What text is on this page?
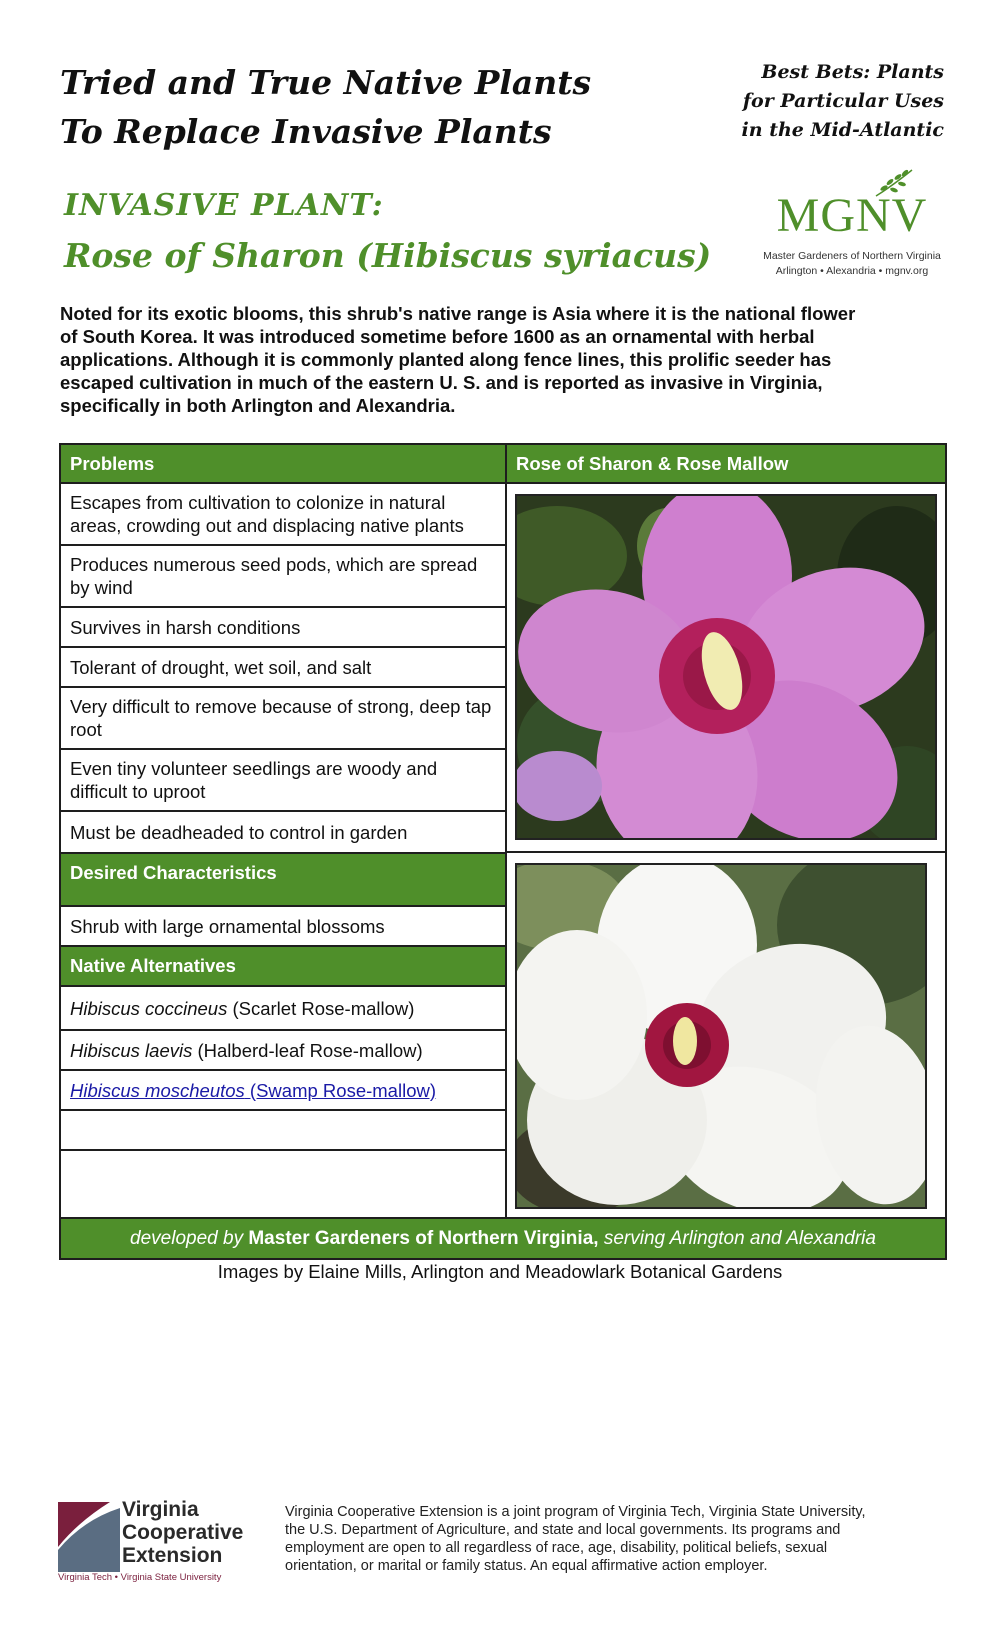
Tried and True Native Plants
To Replace Invasive Plants
Best Bets: Plants
for Particular Uses
in the Mid-Atlantic
INVASIVE PLANT:
Rose of Sharon (Hibiscus syriacus)
MGNV
Master Gardeners of Northern Virginia
Arlington • Alexandria • mgnv.org
Noted for its exotic blooms, this shrub's native range is Asia where it is the national flower of South Korea. It was introduced sometime before 1600 as an ornamental with herbal applications. Although it is commonly planted along fence lines, this prolific seeder has escaped cultivation in much of the eastern U. S. and is reported as invasive in Virginia, specifically in both Arlington and Alexandria.
Problems
Escapes from cultivation to colonize in natural areas, crowding out and displacing native plants
Produces numerous seed pods, which are spread by wind
Survives in harsh conditions
Tolerant of drought, wet soil, and salt
Very difficult to remove because of strong, deep tap root
Even tiny volunteer seedlings are woody and difficult to uproot
Must be deadheaded to control in garden
Desired Characteristics
Shrub with large ornamental blossoms
Native Alternatives
Hibiscus coccineus (Scarlet Rose-mallow)
Hibiscus laevis (Halberd-leaf Rose-mallow)
Hibiscus moscheutos (Swamp Rose-mallow)
Rose of Sharon & Rose Mallow
developed by Master Gardeners of Northern Virginia, serving Arlington and Alexandria
Images by Elaine Mills, Arlington and Meadowlark Botanical Gardens
Virginia
Cooperative
Extension
Virginia Tech • Virginia State University
Virginia Cooperative Extension is a joint program of Virginia Tech, Virginia State University, the U.S. Department of Agriculture, and state and local governments. Its programs and employment are open to all regardless of race, age, disability, political beliefs, sexual orientation, or marital or family status. An equal affirmative action employer.
